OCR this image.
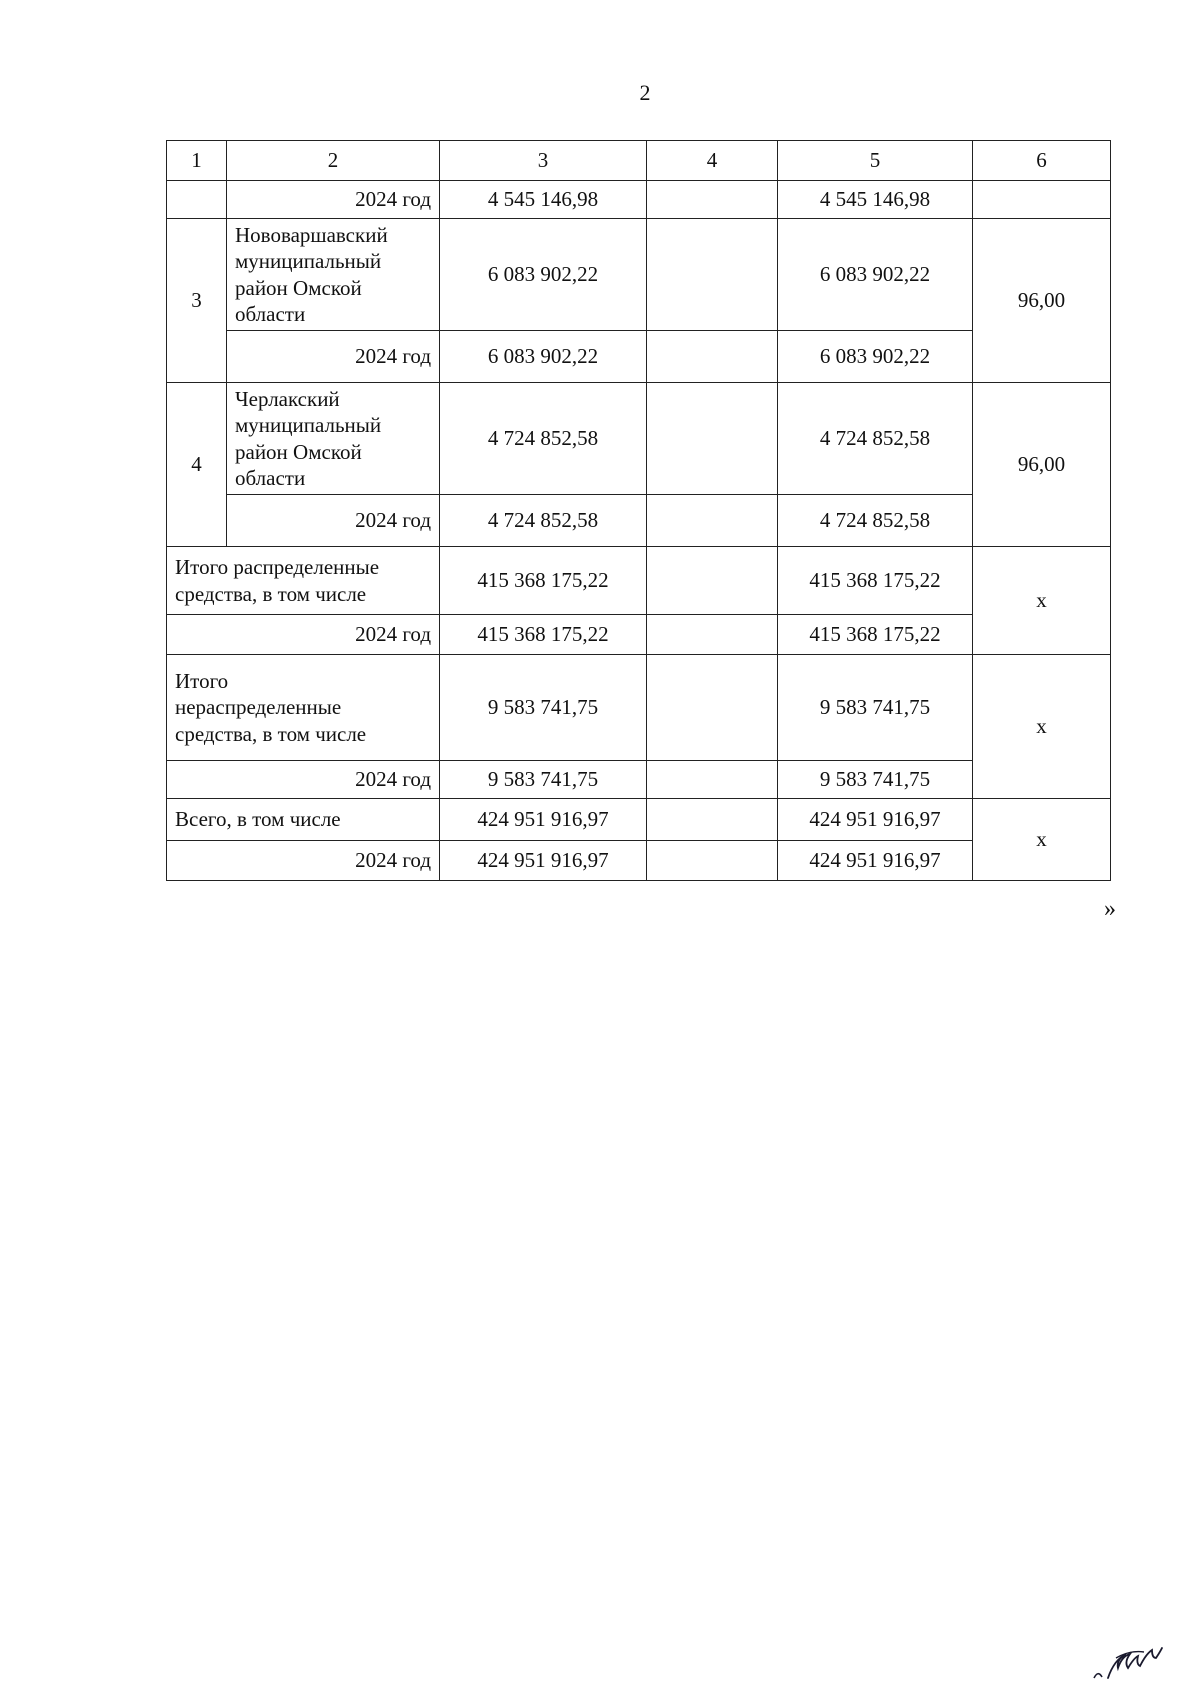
2
1	2	3	4	5	6
	2024 год	4 545 146,98		4 545 146,98	
3	Нововаршавский муниципальный район Омской области	6 083 902,22		6 083 902,22	96,00
	2024 год	6 083 902,22		6 083 902,22	
4	Черлакский муниципальный район Омской области	4 724 852,58		4 724 852,58	96,00
	2024 год	4 724 852,58		4 724 852,58	
Итого распределенные средства, в том числе		415 368 175,22		415 368 175,22	x
2024 год		415 368 175,22		415 368 175,22	
Итого нераспределенные средства, в том числе		9 583 741,75		9 583 741,75	x
2024 год		9 583 741,75		9 583 741,75	
Всего, в том числе		424 951 916,97		424 951 916,97	x
2024 год		424 951 916,97		424 951 916,97	
»
